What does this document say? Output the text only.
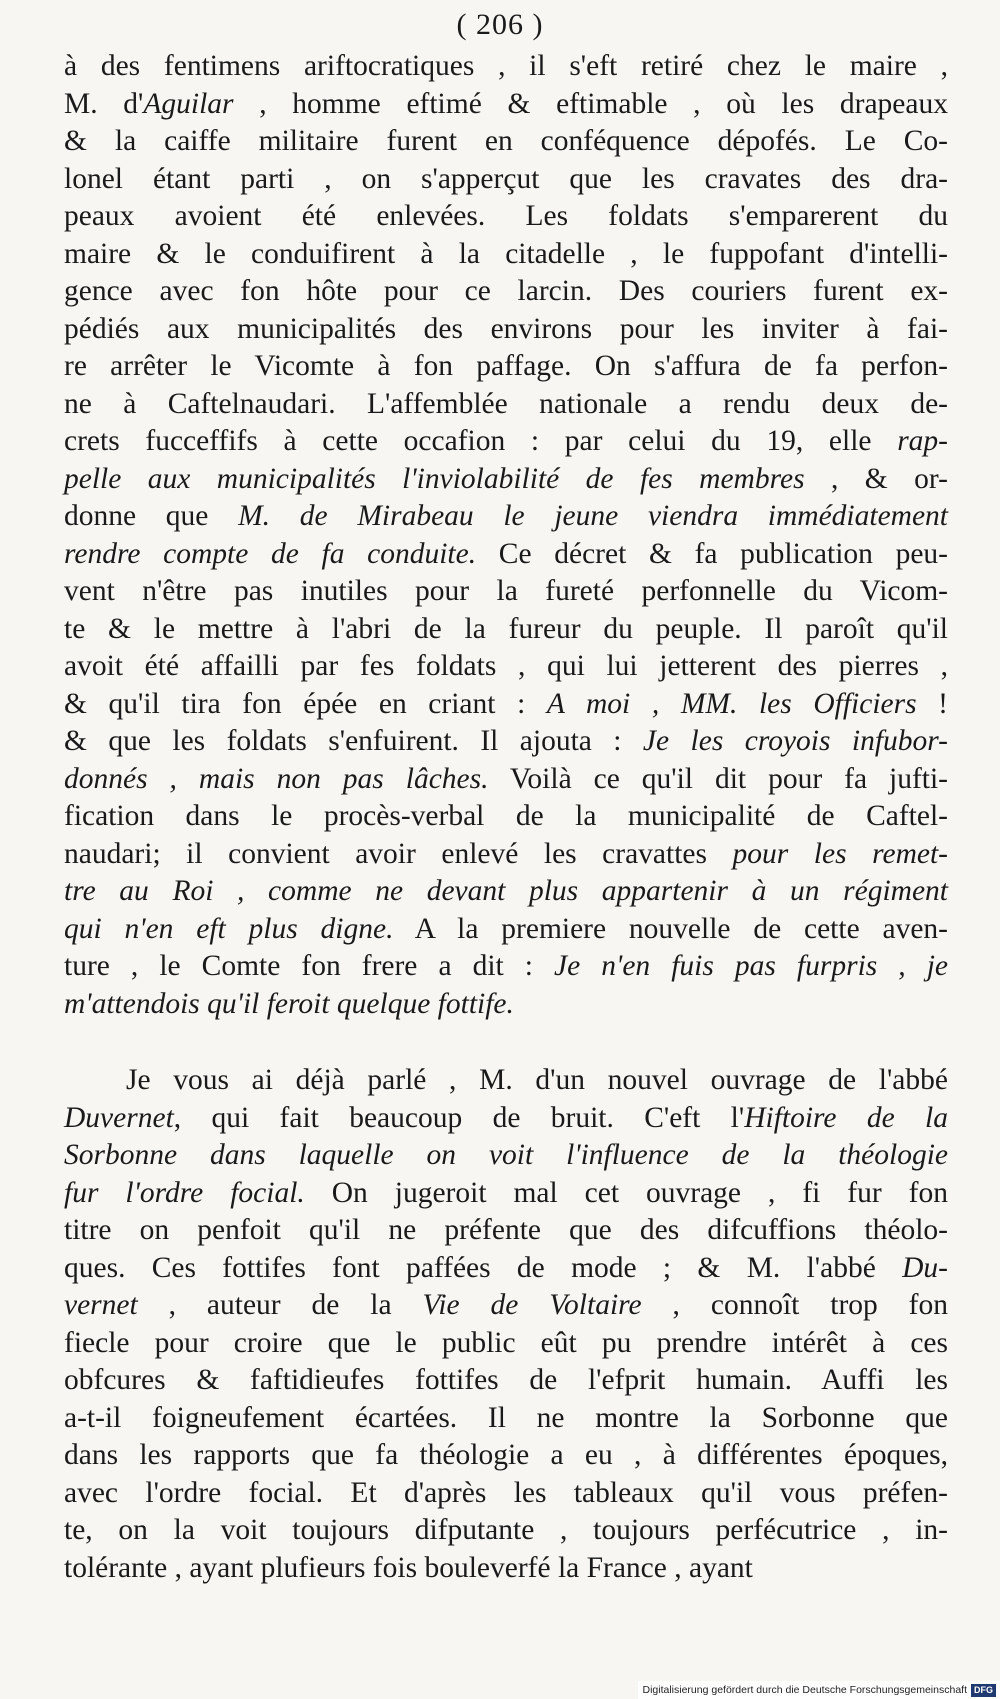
( 206 )
à des fentimens ariftocratiques , il s'eft retiré chez le maire ,
M. d'Aguilar , homme eftimé & eftimable , où les drapeaux
& la caiffe militaire furent en conféquence dépofés. Le Co-
lonel étant parti , on s'apperçut que les cravates des dra-
peaux avoient été enlevées. Les foldats s'emparerent du
maire & le conduifirent à la citadelle , le fuppofant d'intelli-
gence avec fon hôte pour ce larcin. Des couriers furent ex-
pédiés aux municipalités des environs pour les inviter à fai-
re arrêter le Vicomte à fon paffage. On s'affura de fa perfon-
ne à Caftelnaudari. L'affemblée nationale a rendu deux de-
crets fucceffifs à cette occafion : par celui du 19, elle rap-
pelle aux municipalités l'inviolabilité de fes membres , & or-
donne que M. de Mirabeau le jeune viendra immédiatement
rendre compte de fa conduite. Ce décret & fa publication peu-
vent n'être pas inutiles pour la fureté perfonnelle du Vicom-
te & le mettre à l'abri de la fureur du peuple. Il paroît qu'il
avoit été affailli par fes foldats , qui lui jetterent des pierres ,
& qu'il tira fon épée en criant : A moi , MM. les Officiers !
& que les foldats s'enfuirent. Il ajouta : Je les croyois infubor-
donnés , mais non pas lâches. Voilà ce qu'il dit pour fa jufti-
fication dans le procès-verbal de la municipalité de Caftel-
naudari; il convient avoir enlevé les cravattes pour les remet-
tre au Roi , comme ne devant plus appartenir à un régiment
qui n'en eft plus digne. A la premiere nouvelle de cette aven-
ture , le Comte fon frere a dit : Je n'en fuis pas furpris , je
m'attendois qu'il feroit quelque fottife.
Je vous ai déjà parlé , M. d'un nouvel ouvrage de l'abbé
Duvernet, qui fait beaucoup de bruit. C'eft l'Hiftoire de la
Sorbonne dans laquelle on voit l'influence de la théologie
fur l'ordre focial. On jugeroit mal cet ouvrage , fi fur fon
titre on penfoit qu'il ne préfente que des difcuffions théolo-
ques. Ces fottifes font paffées de mode ; & M. l'abbé Du-
vernet , auteur de la Vie de Voltaire , connoît trop fon
fiecle pour croire que le public eût pu prendre intérêt à ces
obfcures & faftidieufes fottifes de l'efprit humain. Auffi les
a-t-il foigneufement écartées. Il ne montre la Sorbonne que
dans les rapports que fa théologie a eu , à différentes époques,
avec l'ordre focial. Et d'après les tableaux qu'il vous préfen-
te, on la voit toujours difputante , toujours perfécutrice , in-
tolérante , ayant plufieurs fois bouleverfé la France , ayant
Digitalisierung gefördert durch die Deutsche Forschungsgemeinschaft DFG
